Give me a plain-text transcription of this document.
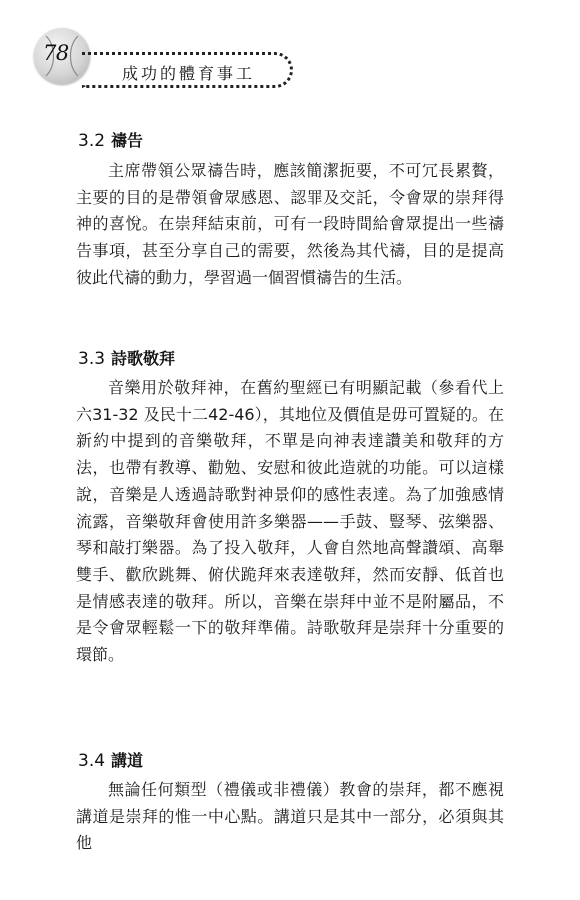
78
成功的體育事工
3.2 禱告

主席帶領公眾禱告時，應該簡潔扼要，不可冗長累贅，主要的目的是帶領會眾感恩、認罪及交託，令會眾的崇拜得神的喜悅。在崇拜結束前，可有一段時間給會眾提出一些禱告事項，甚至分享自己的需要，然後為其代禱，目的是提高彼此代禱的動力，學習過一個習慣禱告的生活。

3.3 詩歌敬拜

音樂用於敬拜神，在舊約聖經已有明顯記載（參看代上六31-32 及民十二42-46），其地位及價值是毋可置疑的。在新約中提到的音樂敬拜，不單是向神表達讚美和敬拜的方法，也帶有教導、勸勉、安慰和彼此造就的功能。可以這樣說，音樂是人透過詩歌對神景仰的感性表達。為了加強感情流露，音樂敬拜會使用許多樂器——手鼓、豎琴、弦樂器、琴和敲打樂器。為了投入敬拜，人會自然地高聲讚頌、高舉雙手、歡欣跳舞、俯伏跪拜來表達敬拜，然而安靜、低首也是情感表達的敬拜。所以，音樂在崇拜中並不是附屬品，不是令會眾輕鬆一下的敬拜準備。詩歌敬拜是崇拜十分重要的環節。

3.4 講道

無論任何類型（禮儀或非禮儀）教會的崇拜，都不應視講道是崇拜的惟一中心點。講道只是其中一部分，必須與其他
